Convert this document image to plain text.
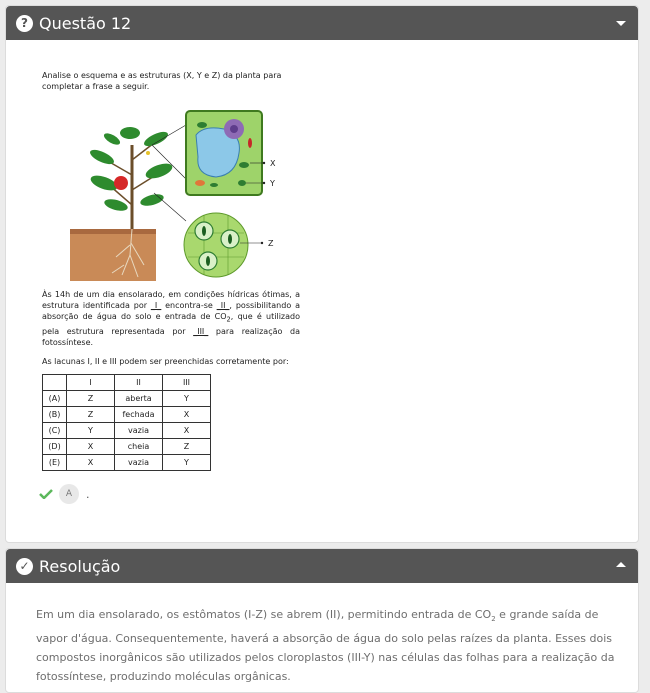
? Questão 12

Analise o esquema e as estruturas (X, Y e Z) da planta para completar a frase a seguir.

X
Y
Z

Às 14h de um dia ensolarado, em condições hídricas ótimas, a estrutura identificada por _I_ encontra-se _II_, possibilitando a absorção de água do solo e entrada de $CO_2$, que é utilizado pela estrutura representada por _III_ para realização da fotossíntese.

As lacunas I, II e III podem ser preenchidas corretamente por:

	I	II	III
(A)	Z	aberta	Y
(B)	Z	fechada	X
(C)	Y	vazia	X
(D)	X	cheia	Z
(E)	X	vazia	Y
A	.
✓ Resolução

Em um dia ensolarado, os estômatos (I-Z) se abrem (II), permitindo entrada de $CO_2$ e grande saída de vapor d'água. Consequentemente, haverá a absorção de água do solo pelas raízes da planta. Esses dois compostos inorgânicos são utilizados pelos cloroplastos (III-Y) nas células das folhas para a realização da fotossíntese, produzindo moléculas orgânicas.
